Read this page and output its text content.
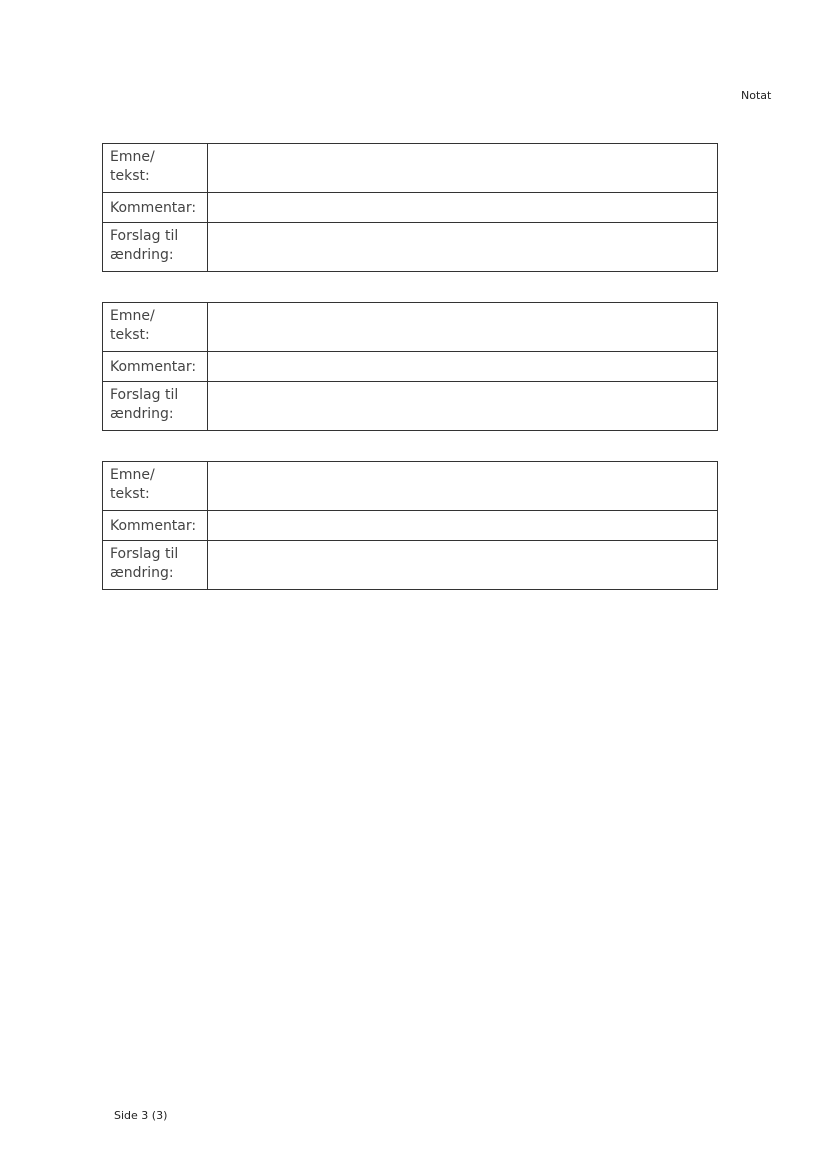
Notat
Emne/
tekst:	
Kommentar:	
Forslag til
ændring:	
Emne/
tekst:	
Kommentar:	
Forslag til
ændring:	
Emne/
tekst:	
Kommentar:	
Forslag til
ændring:	
Side 3 (3)
